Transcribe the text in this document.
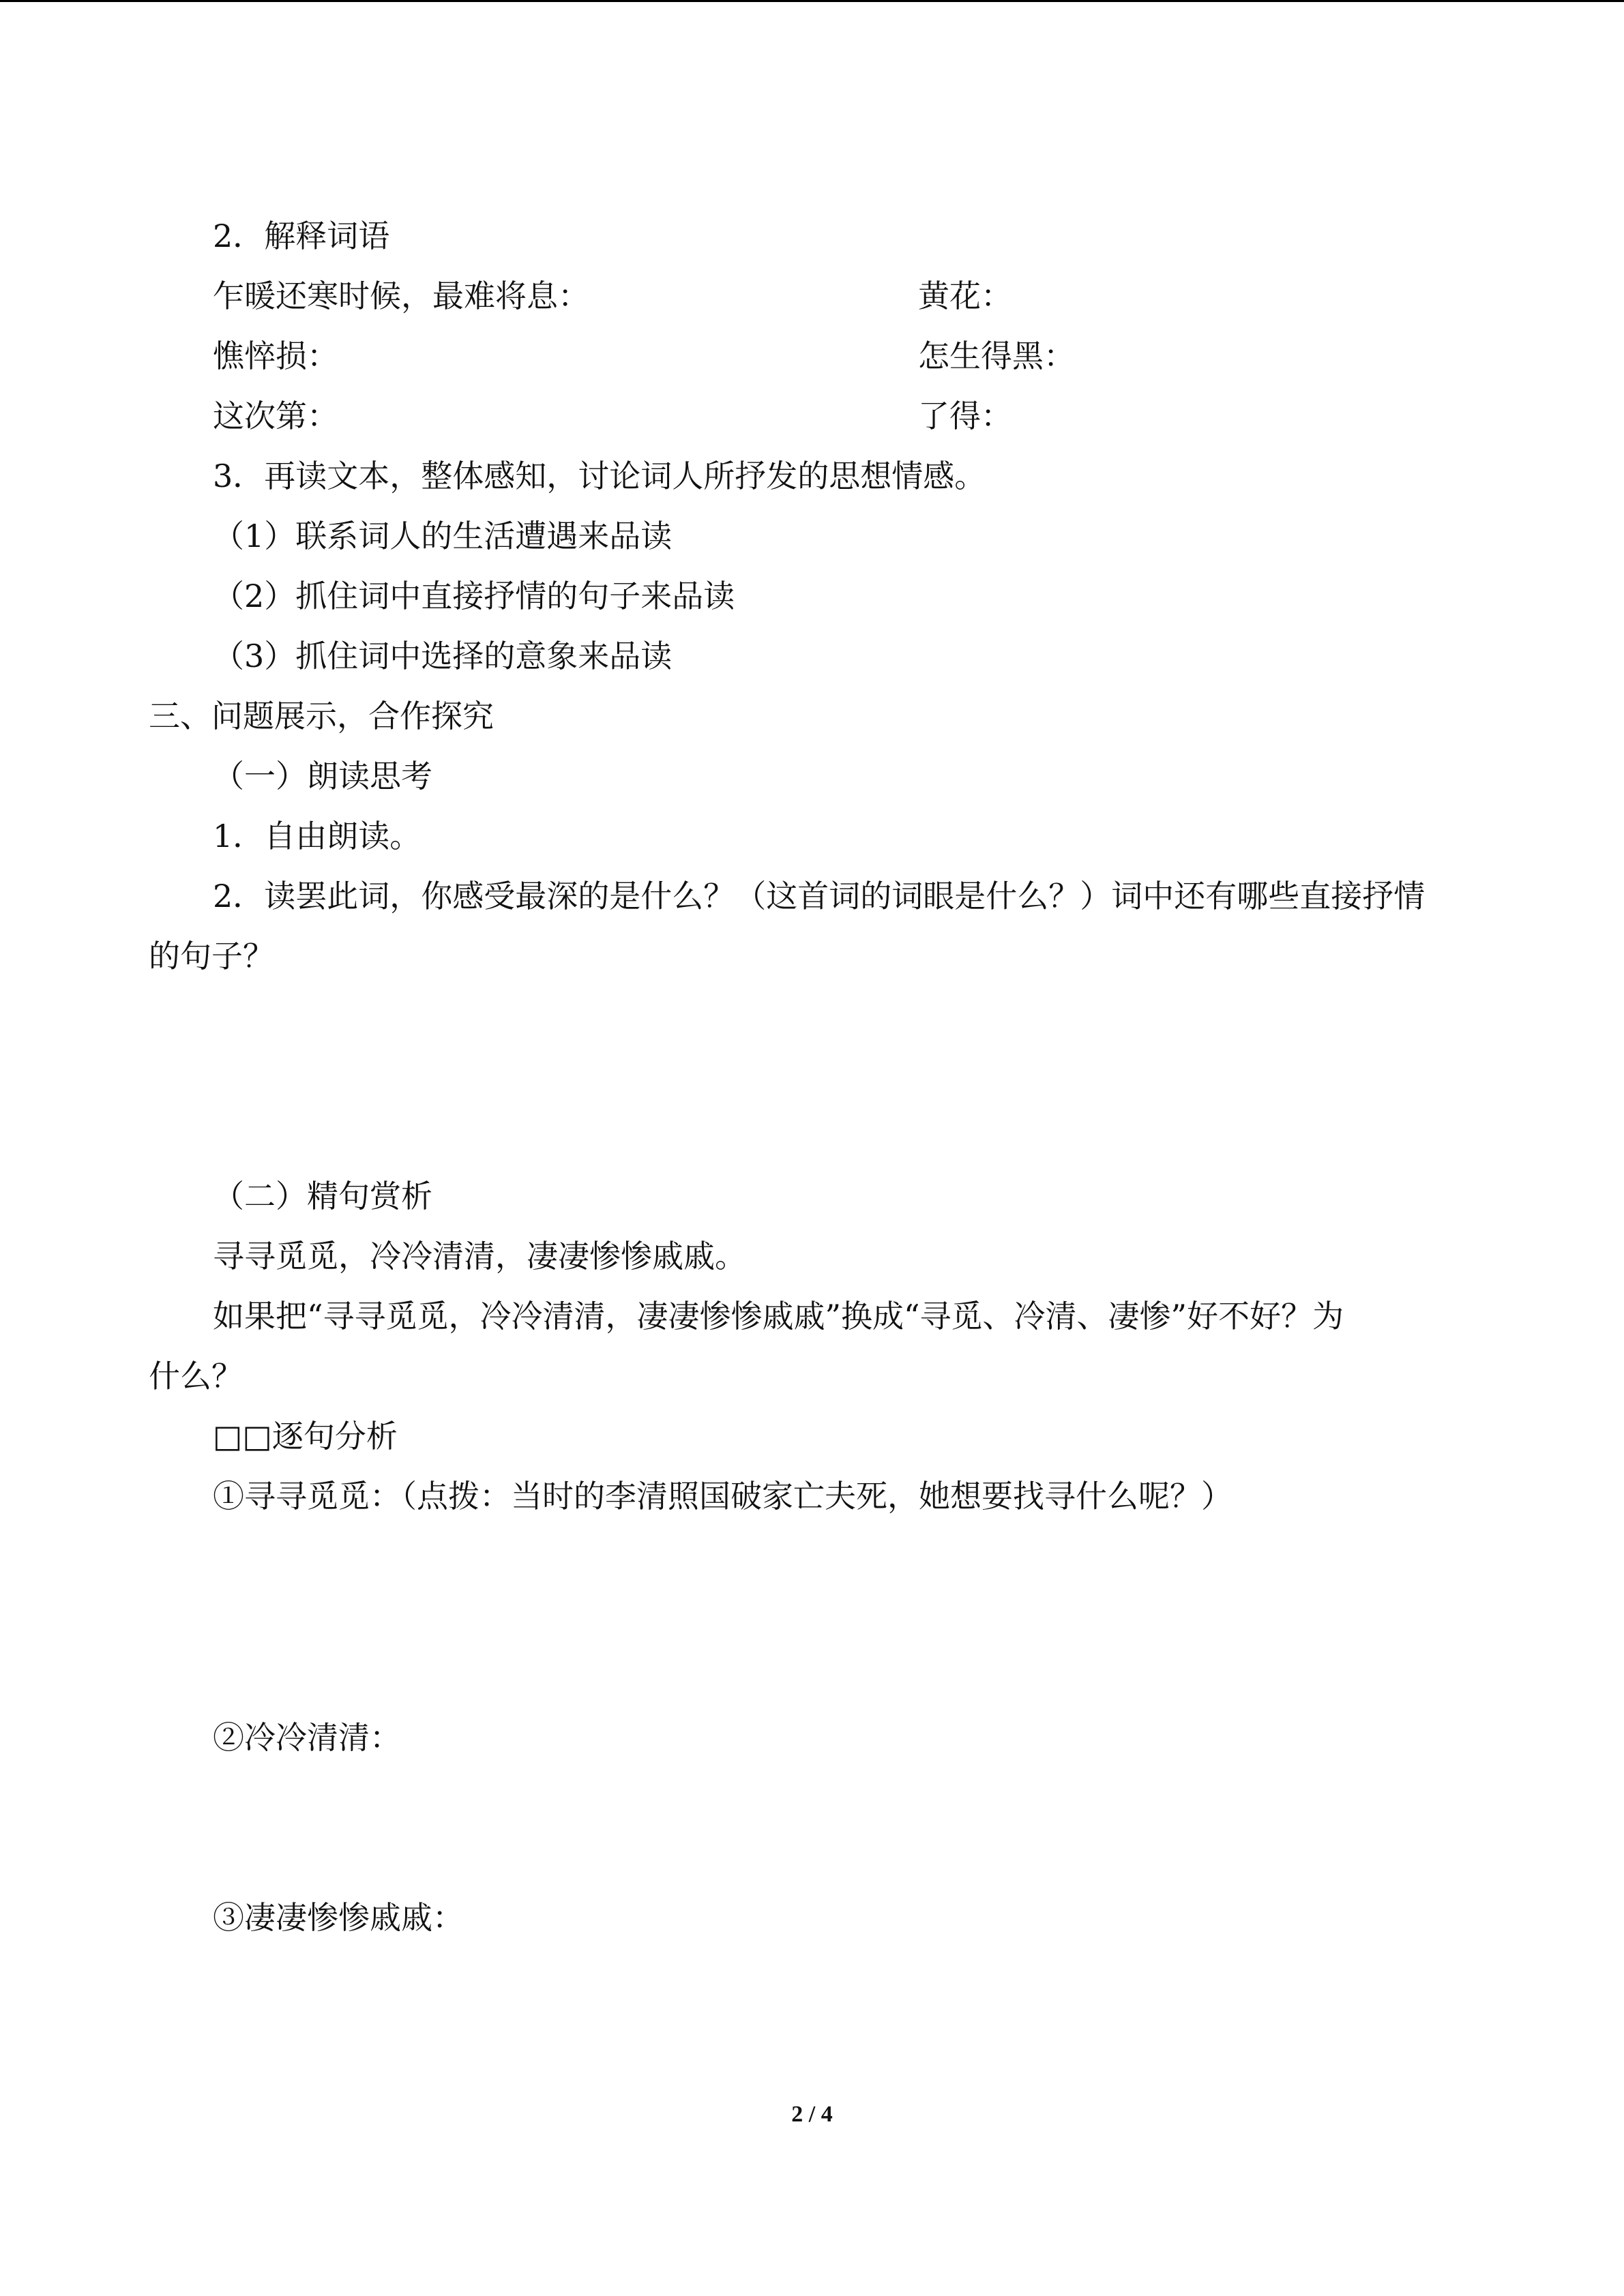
2．解释词语
乍暖还寒时候，最难将息：	黄花：
憔悴损：	怎生得黑：
这次第：	了得：
3．再读文本，整体感知，讨论词人所抒发的思想情感。
（1）联系词人的生活遭遇来品读
（2）抓住词中直接抒情的句子来品读
（3）抓住词中选择的意象来品读
三、问题展示，合作探究
（一）朗读思考
1．自由朗读。
2．读罢此词，你感受最深的是什么？（这首词的词眼是什么？）词中还有哪些直接抒情
的句子？
（二）精句赏析
寻寻觅觅，冷冷清清，凄凄惨惨戚戚。
如果把“寻寻觅觅，冷冷清清，凄凄惨惨戚戚”换成“寻觅、冷清、凄惨”好不好？为
什么？
□□逐句分析
①寻寻觅觅：（点拨：当时的李清照国破家亡夫死，她想要找寻什么呢？）
②冷冷清清：
③凄凄惨惨戚戚：
2 / 4
